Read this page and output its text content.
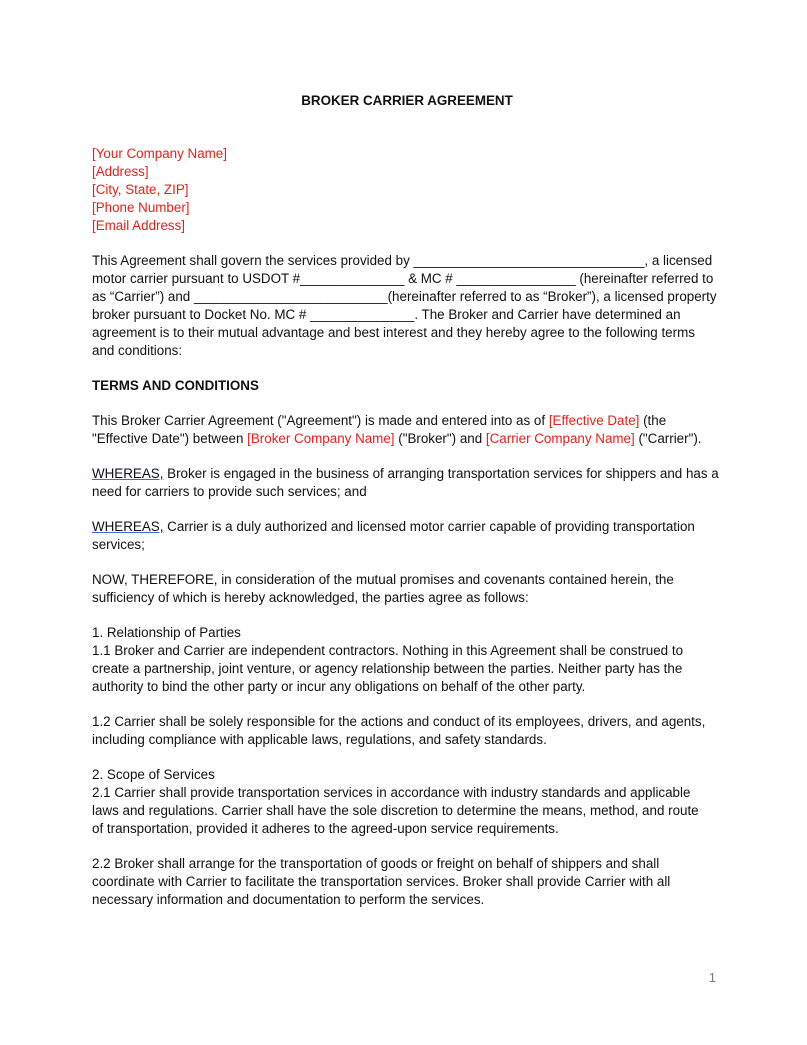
BROKER CARRIER AGREEMENT
[Your Company Name]
[Address]
[City, State, ZIP]
[Phone Number]
[Email Address]
This Agreement shall govern the services provided by _______________________________, a licensed
motor carrier pursuant to USDOT #______________ & MC # ________________ (hereinafter referred to
as “Carrier”) and __________________________(hereinafter referred to as “Broker”), a licensed property
broker pursuant to Docket No. MC # ______________. The Broker and Carrier have determined an
agreement is to their mutual advantage and best interest and they hereby agree to the following terms
and conditions:
TERMS AND CONDITIONS
This Broker Carrier Agreement ("Agreement") is made and entered into as of [Effective Date] (the
"Effective Date") between [Broker Company Name] ("Broker") and [Carrier Company Name] ("Carrier").
WHEREAS, Broker is engaged in the business of arranging transportation services for shippers and has a
need for carriers to provide such services; and
WHEREAS, Carrier is a duly authorized and licensed motor carrier capable of providing transportation
services;
NOW, THEREFORE, in consideration of the mutual promises and covenants contained herein, the
sufficiency of which is hereby acknowledged, the parties agree as follows:
1. Relationship of Parties
1.1 Broker and Carrier are independent contractors. Nothing in this Agreement shall be construed to
create a partnership, joint venture, or agency relationship between the parties. Neither party has the
authority to bind the other party or incur any obligations on behalf of the other party.
1.2 Carrier shall be solely responsible for the actions and conduct of its employees, drivers, and agents,
including compliance with applicable laws, regulations, and safety standards.
2. Scope of Services
2.1 Carrier shall provide transportation services in accordance with industry standards and applicable
laws and regulations. Carrier shall have the sole discretion to determine the means, method, and route
of transportation, provided it adheres to the agreed-upon service requirements.
2.2 Broker shall arrange for the transportation of goods or freight on behalf of shippers and shall
coordinate with Carrier to facilitate the transportation services. Broker shall provide Carrier with all
necessary information and documentation to perform the services.
1
